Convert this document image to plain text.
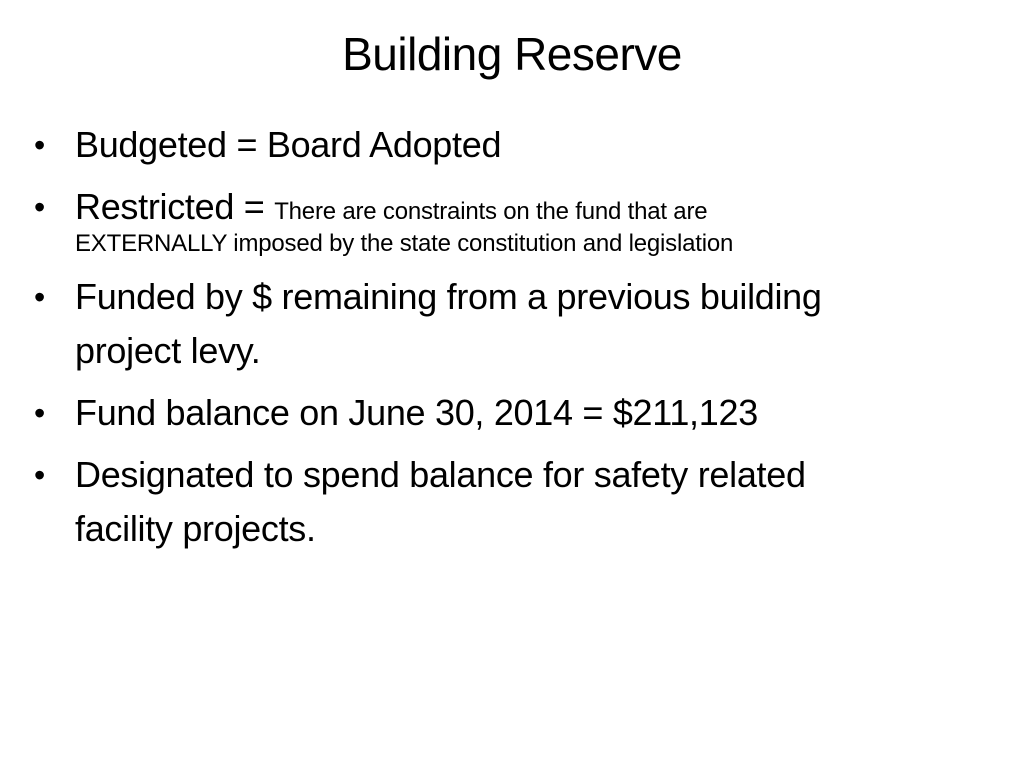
Building Reserve
• Budgeted = Board Adopted
• Restricted = There are constraints on the fund that are
EXTERNALLY imposed by the state constitution and legislation
• Funded by $ remaining from a previous building
project levy.
• Fund balance on June 30, 2014 = $211,123
• Designated to spend balance for safety related
facility projects.
